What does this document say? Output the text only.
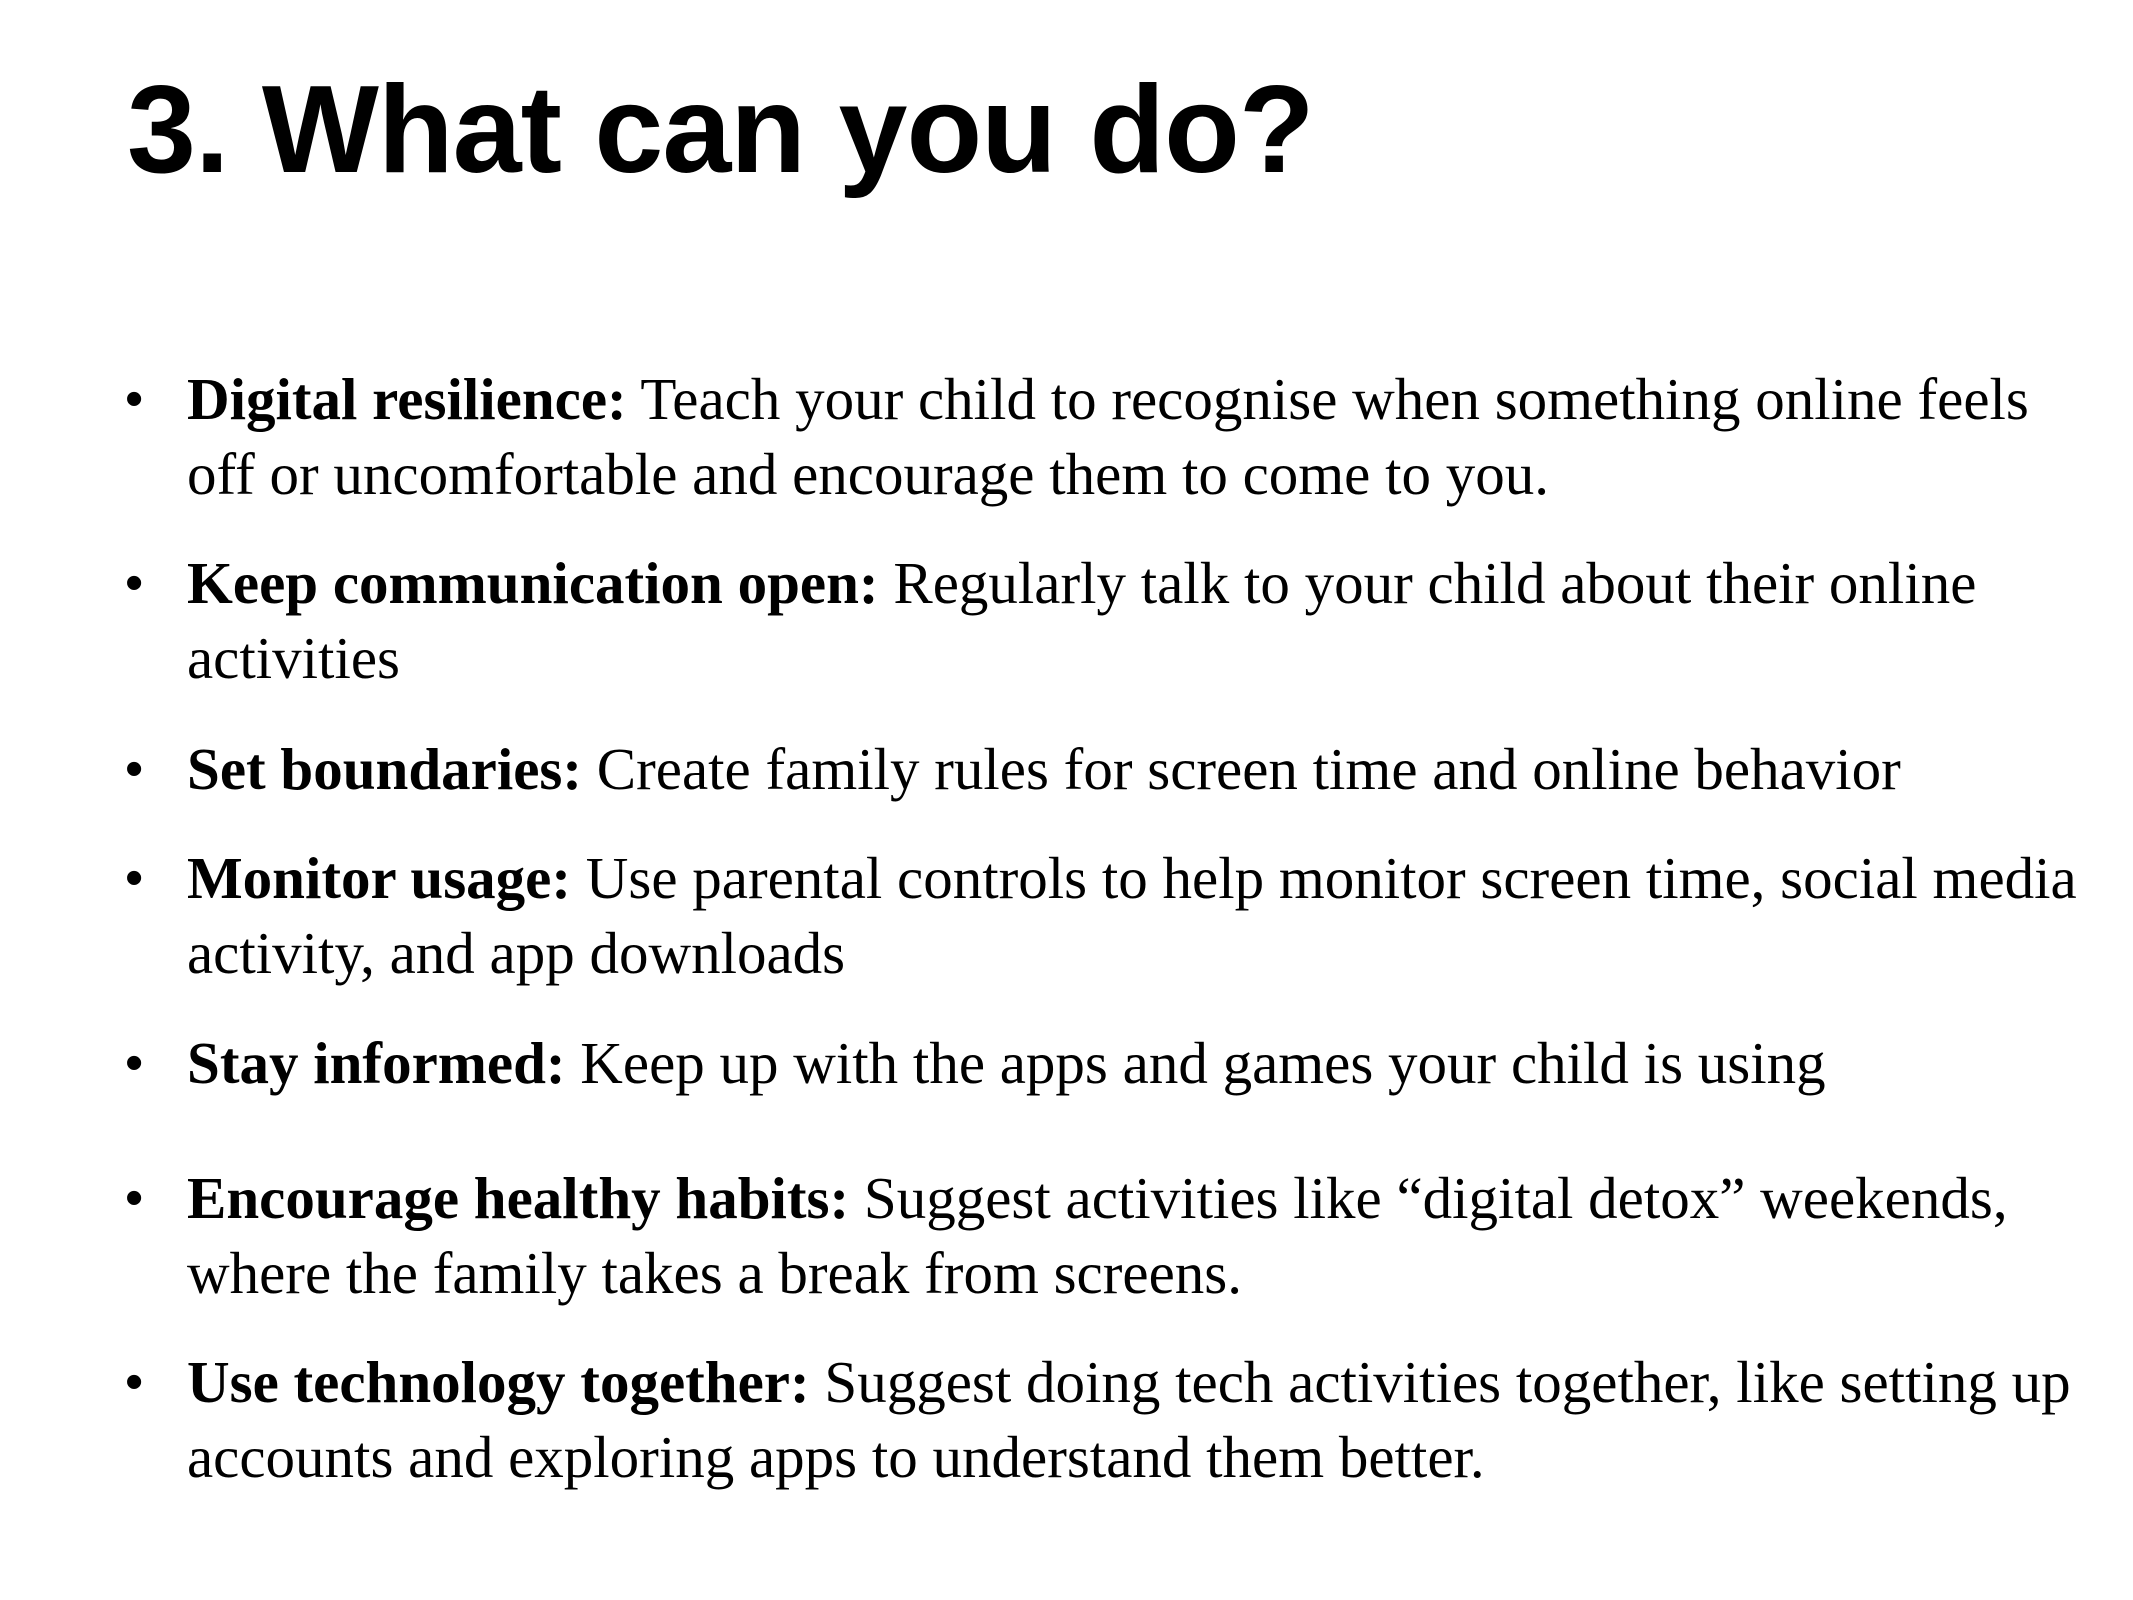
3. What can you do?
• Digital resilience: Teach your child to recognise when something online feels off or uncomfortable and encourage them to come to you.
• Keep communication open: Regularly talk to your child about their online activities
• Set boundaries: Create family rules for screen time and online behavior
• Monitor usage: Use parental controls to help monitor screen time, social media activity, and app downloads
• Stay informed: Keep up with the apps and games your child is using
• Encourage healthy habits: Suggest activities like “digital detox” weekends, where the family takes a break from screens.
• Use technology together: Suggest doing tech activities together, like setting up accounts and exploring apps to understand them better.
